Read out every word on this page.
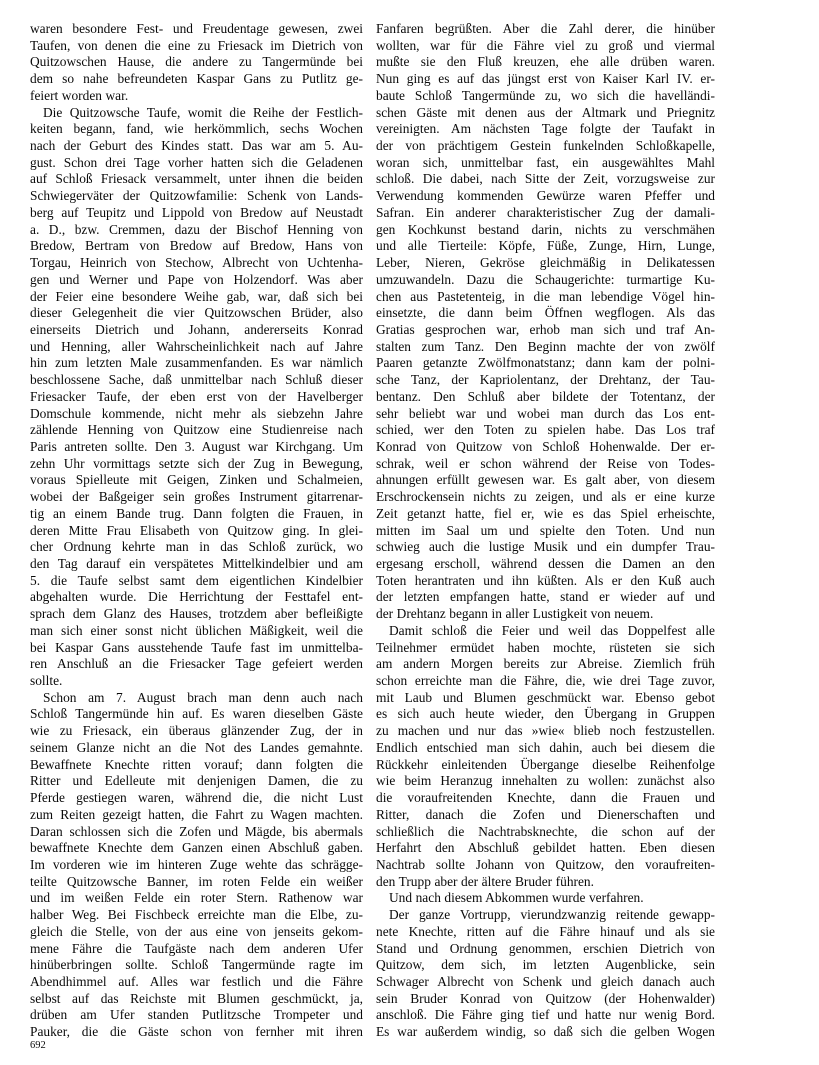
waren besondere Fest- und Freudentage gewesen, zwei
Taufen, von denen die eine zu Friesack im Dietrich von
Quitzowschen Hause, die andere zu Tangermünde bei
dem so nahe befreundeten Kaspar Gans zu Putlitz ge-
feiert worden war.
Die Quitzowsche Taufe, womit die Reihe der Festlich-
keiten begann, fand, wie herkömmlich, sechs Wochen
nach der Geburt des Kindes statt. Das war am 5. Au-
gust. Schon drei Tage vorher hatten sich die Geladenen
auf Schloß Friesack versammelt, unter ihnen die beiden
Schwiegerväter der Quitzowfamilie: Schenk von Lands-
berg auf Teupitz und Lippold von Bredow auf Neustadt
a. D., bzw. Cremmen, dazu der Bischof Henning von
Bredow, Bertram von Bredow auf Bredow, Hans von
Torgau, Heinrich von Stechow, Albrecht von Uchtenha-
gen und Werner und Pape von Holzendorf. Was aber
der Feier eine besondere Weihe gab, war, daß sich bei
dieser Gelegenheit die vier Quitzowschen Brüder, also
einerseits Dietrich und Johann, andererseits Konrad
und Henning, aller Wahrscheinlichkeit nach auf Jahre
hin zum letzten Male zusammenfanden. Es war nämlich
beschlossene Sache, daß unmittelbar nach Schluß dieser
Friesacker Taufe, der eben erst von der Havelberger
Domschule kommende, nicht mehr als siebzehn Jahre
zählende Henning von Quitzow eine Studienreise nach
Paris antreten sollte. Den 3. August war Kirchgang. Um
zehn Uhr vormittags setzte sich der Zug in Bewegung,
voraus Spielleute mit Geigen, Zinken und Schalmeien,
wobei der Baßgeiger sein großes Instrument gitarrenar-
tig an einem Bande trug. Dann folgten die Frauen, in
deren Mitte Frau Elisabeth von Quitzow ging. In glei-
cher Ordnung kehrte man in das Schloß zurück, wo
den Tag darauf ein verspätetes Mittelkindelbier und am
5. die Taufe selbst samt dem eigentlichen Kindelbier
abgehalten wurde. Die Herrichtung der Festtafel ent-
sprach dem Glanz des Hauses, trotzdem aber befleißigte
man sich einer sonst nicht üblichen Mäßigkeit, weil die
bei Kaspar Gans ausstehende Taufe fast im unmittelba-
ren Anschluß an die Friesacker Tage gefeiert werden
sollte.
Schon am 7. August brach man denn auch nach
Schloß Tangermünde hin auf. Es waren dieselben Gäste
wie zu Friesack, ein überaus glänzender Zug, der in
seinem Glanze nicht an die Not des Landes gemahnte.
Bewaffnete Knechte ritten vorauf; dann folgten die
Ritter und Edelleute mit denjenigen Damen, die zu
Pferde gestiegen waren, während die, die nicht Lust
zum Reiten gezeigt hatten, die Fahrt zu Wagen machten.
Daran schlossen sich die Zofen und Mägde, bis abermals
bewaffnete Knechte dem Ganzen einen Abschluß gaben.
Im vorderen wie im hinteren Zuge wehte das schrägge-
teilte Quitzowsche Banner, im roten Felde ein weißer
und im weißen Felde ein roter Stern. Rathenow war
halber Weg. Bei Fischbeck erreichte man die Elbe, zu-
gleich die Stelle, von der aus eine von jenseits gekom-
mene Fähre die Taufgäste nach dem anderen Ufer
hinüberbringen sollte. Schloß Tangermünde ragte im
Abendhimmel auf. Alles war festlich und die Fähre
selbst auf das Reichste mit Blumen geschmückt, ja,
drüben am Ufer standen Putlitzsche Trompeter und
Pauker, die die Gäste schon von fernher mit ihren
Fanfaren begrüßten. Aber die Zahl derer, die hinüber
wollten, war für die Fähre viel zu groß und viermal
mußte sie den Fluß kreuzen, ehe alle drüben waren.
Nun ging es auf das jüngst erst von Kaiser Karl IV. er-
baute Schloß Tangermünde zu, wo sich die havelländi-
schen Gäste mit denen aus der Altmark und Priegnitz
vereinigten. Am nächsten Tage folgte der Taufakt in
der von prächtigem Gestein funkelnden Schloßkapelle,
woran sich, unmittelbar fast, ein ausgewähltes Mahl
schloß. Die dabei, nach Sitte der Zeit, vorzugsweise zur
Verwendung kommenden Gewürze waren Pfeffer und
Safran. Ein anderer charakteristischer Zug der damali-
gen Kochkunst bestand darin, nichts zu verschmähen
und alle Tierteile: Köpfe, Füße, Zunge, Hirn, Lunge,
Leber, Nieren, Gekröse gleichmäßig in Delikatessen
umzuwandeln. Dazu die Schaugerichte: turmartige Ku-
chen aus Pastetenteig, in die man lebendige Vögel hin-
einsetzte, die dann beim Öffnen wegflogen. Als das
Gratias gesprochen war, erhob man sich und traf An-
stalten zum Tanz. Den Beginn machte der von zwölf
Paaren getanzte Zwölfmonatstanz; dann kam der polni-
sche Tanz, der Kapriolentanz, der Drehtanz, der Tau-
bentanz. Den Schluß aber bildete der Totentanz, der
sehr beliebt war und wobei man durch das Los ent-
schied, wer den Toten zu spielen habe. Das Los traf
Konrad von Quitzow von Schloß Hohenwalde. Der er-
schrak, weil er schon während der Reise von Todes-
ahnungen erfüllt gewesen war. Es galt aber, von diesem
Erschrockensein nichts zu zeigen, und als er eine kurze
Zeit getanzt hatte, fiel er, wie es das Spiel erheischte,
mitten im Saal um und spielte den Toten. Und nun
schwieg auch die lustige Musik und ein dumpfer Trau-
ergesang erscholl, während dessen die Damen an den
Toten herantraten und ihn küßten. Als er den Kuß auch
der letzten empfangen hatte, stand er wieder auf und
der Drehtanz begann in aller Lustigkeit von neuem.
Damit schloß die Feier und weil das Doppelfest alle
Teilnehmer ermüdet haben mochte, rüsteten sie sich
am andern Morgen bereits zur Abreise. Ziemlich früh
schon erreichte man die Fähre, die, wie drei Tage zuvor,
mit Laub und Blumen geschmückt war. Ebenso gebot
es sich auch heute wieder, den Übergang in Gruppen
zu machen und nur das »wie« blieb noch festzustellen.
Endlich entschied man sich dahin, auch bei diesem die
Rückkehr einleitenden Übergange dieselbe Reihenfolge
wie beim Heranzug innehalten zu wollen: zunächst also
die voraufreitenden Knechte, dann die Frauen und
Ritter, danach die Zofen und Dienerschaften und
schließlich die Nachtrabsknechte, die schon auf der
Herfahrt den Abschluß gebildet hatten. Eben diesen
Nachtrab sollte Johann von Quitzow, den voraufreiten-
den Trupp aber der ältere Bruder führen.
Und nach diesem Abkommen wurde verfahren.
Der ganze Vortrupp, vierundzwanzig reitende gewapp-
nete Knechte, ritten auf die Fähre hinauf und als sie
Stand und Ordnung genommen, erschien Dietrich von
Quitzow, dem sich, im letzten Augenblicke, sein
Schwager Albrecht von Schenk und gleich danach auch
sein Bruder Konrad von Quitzow (der Hohenwalder)
anschloß. Die Fähre ging tief und hatte nur wenig Bord.
Es war außerdem windig, so daß sich die gelben Wogen
692
